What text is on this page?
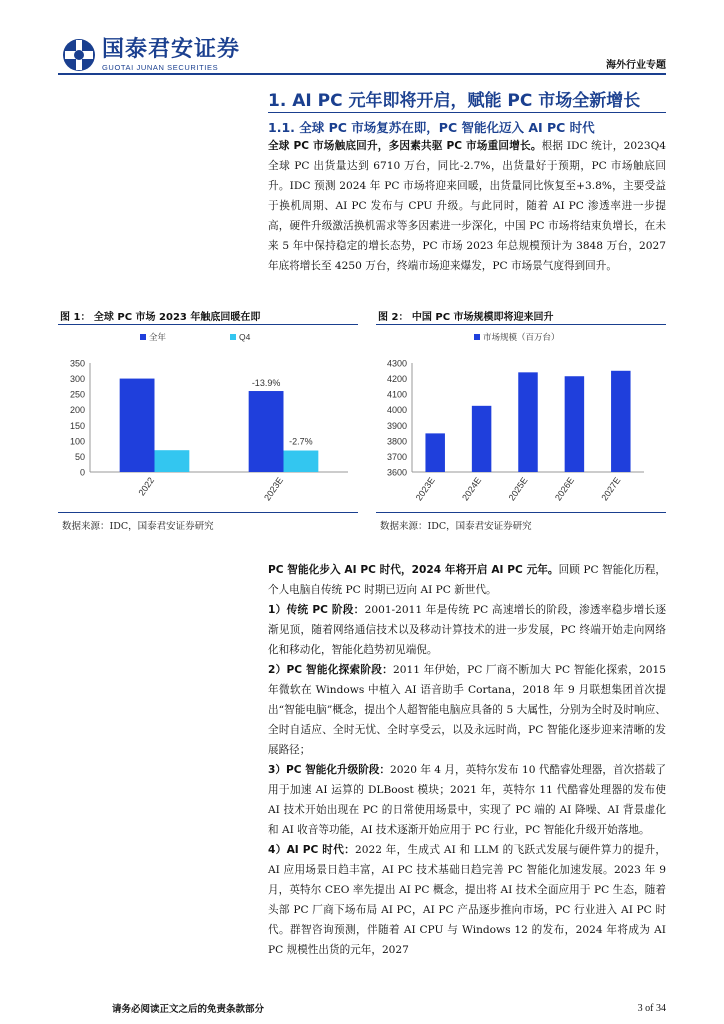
国泰君安证券
GUOTAI JUNAN SECURITIES	海外行业专题
1. AI PC 元年即将开启，赋能 PC 市场全新增长
1.1. 全球 PC 市场复苏在即，PC 智能化迈入 AI PC 时代
全球 PC 市场触底回升，多因素共驱 PC 市场重回增长。根据 IDC 统计，2023Q4 全球 PC 出货量达到 6710 万台，同比-2.7%，出货量好于预期，PC 市场触底回升。IDC 预测 2024 年 PC 市场将迎来回暖，出货量同比恢复至+3.8%，主要受益于换机周期、AI PC 发布与 CPU 升级。与此同时，随着 AI PC 渗透率进一步提高，硬件升级激活换机需求等多因素进一步深化，中国 PC 市场将结束负增长，在未来 5 年中保持稳定的增长态势，PC 市场 2023 年总规模预计为 3848 万台，2027 年底将增长至 4250 万台，终端市场迎来爆发，PC 市场景气度得到回升。
图 1： 全球 PC 市场 2023 年触底回暖在即
0
50
100
150
200
250
300
350
全年	Q4
2022	2023E
-13.9%
-2.7%
数据来源：IDC，国泰君安证券研究
图 2： 中国 PC 市场规模即将迎来回升
3600
3700
3800
3900
4000
4100
4200
4300
市场规模（百万台）
2023E	2024E	2025E	2026E	2027E
数据来源：IDC，国泰君安证券研究
PC 智能化步入 AI PC 时代，2024 年将开启 AI PC 元年。回顾 PC 智能化历程，个人电脑自传统 PC 时期已迈向 AI PC 新世代。
1）传统 PC 阶段：2001-2011 年是传统 PC 高速增长的阶段，渗透率稳步增长逐渐见顶，随着网络通信技术以及移动计算技术的进一步发展，PC 终端开始走向网络化和移动化，智能化趋势初见端倪。
2）PC 智能化探索阶段：2011 年伊始，PC 厂商不断加大 PC 智能化探索，2015 年微软在 Windows 中植入 AI 语音助手 Cortana，2018 年 9 月联想集团首次提出“智能电脑”概念，提出个人超智能电脑应具备的 5 大属性，分别为全时及时响应、全时自适应、全时无忧、全时享受云，以及永远时尚，PC 智能化逐步迎来清晰的发展路径；
3）PC 智能化升级阶段：2020 年 4 月，英特尔发布 10 代酷睿处理器，首次搭载了用于加速 AI 运算的 DLBoost 模块；2021 年，英特尔 11 代酷睿处理器的发布使 AI 技术开始出现在 PC 的日常使用场景中，实现了 PC 端的 AI 降噪、AI 背景虚化和 AI 收音等功能，AI 技术逐渐开始应用于 PC 行业，PC 智能化升级开始落地。
4）AI PC 时代：2022 年，生成式 AI 和 LLM 的飞跃式发展与硬件算力的提升，AI 应用场景日趋丰富，AI PC 技术基础日趋完善 PC 智能化加速发展。2023 年 9 月，英特尔 CEO 率先提出 AI PC 概念，提出将 AI 技术全面应用于 PC 生态，随着头部 PC 厂商下场布局 AI PC，AI PC 产品逐步推向市场，PC 行业进入 AI PC 时代。群智咨询预测，伴随着 AI CPU 与 Windows 12 的发布，2024 年将成为 AI PC 规模性出货的元年，2027
请务必阅读正文之后的免责条款部分	3 of 34
